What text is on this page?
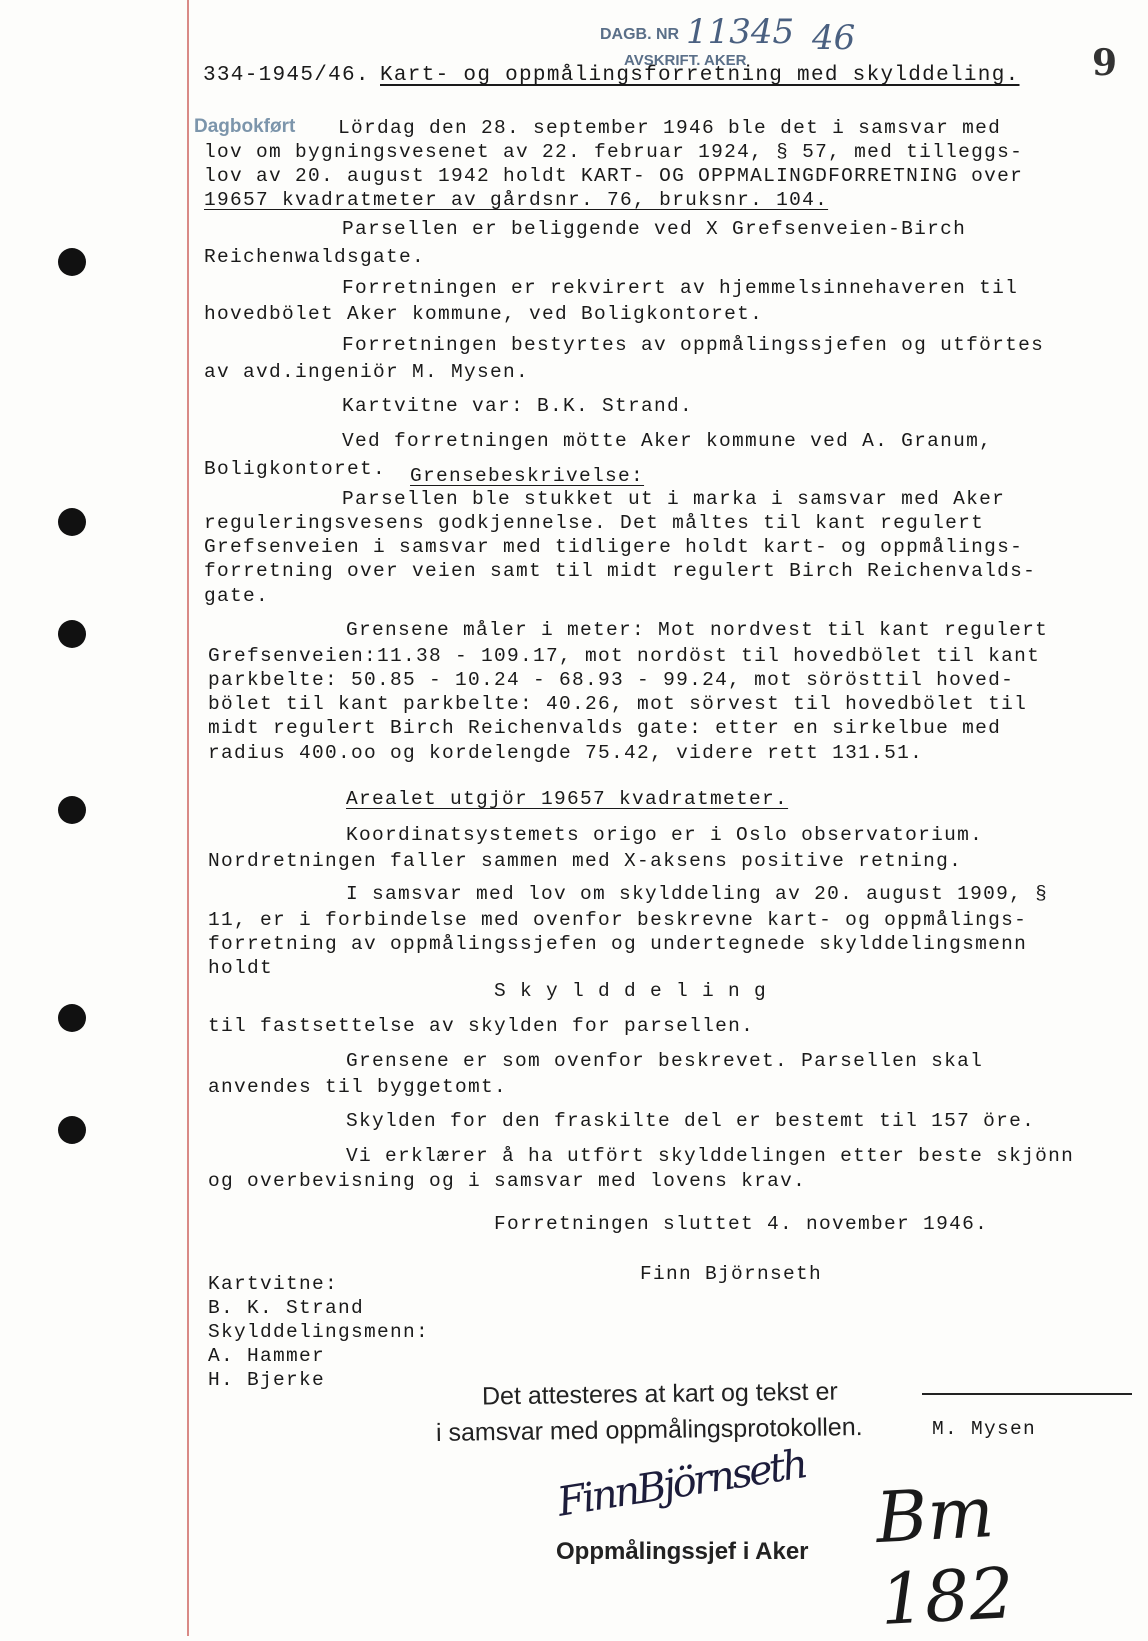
DAGB. NR 11345 46
AVSKRIFT. AKER
Dagbokført
9
334-1945/46. Kart- og oppmålingsforretning med skylddeling.
Lördag den 28. september 1946 ble det i samsvar med
lov om bygningsvesenet av 22. februar 1924, § 57, med tilleggs-
lov av 20. august 1942 holdt KART- OG OPPMALINGDFORRETNING over
19657 kvadratmeter av gårdsnr. 76, bruksnr. 104.
Parsellen er beliggende ved X Grefsenveien-Birch
Reichenwaldsgate.
Forretningen er rekvirert av hjemmelsinnehaveren til
hovedbölet Aker kommune, ved Boligkontoret.
Forretningen bestyrtes av oppmålingssjefen og utförtes
av avd.ingeniör M. Mysen.
Kartvitne var: B.K. Strand.
Ved forretningen mötte Aker kommune ved A. Granum,
Boligkontoret. Grensebeskrivelse:
Parsellen ble stukket ut i marka i samsvar med Aker
reguleringsvesens godkjennelse. Det måltes til kant regulert
Grefsenveien i samsvar med tidligere holdt kart- og oppmålings-
forretning over veien samt til midt regulert Birch Reichenvalds-
gate.
Grensene måler i meter: Mot nordvest til kant regulert
Grefsenveien:11.38 - 109.17, mot nordöst til hovedbölet til kant
parkbelte: 50.85 - 10.24 - 68.93 - 99.24, mot sörösttil hoved-
bölet til kant parkbelte: 40.26, mot sörvest til hovedbölet til
midt regulert Birch Reichenvalds gate: etter en sirkelbue med
radius 400.oo og kordelengde 75.42, videre rett 131.51.
Arealet utgjör 19657 kvadratmeter.
Koordinatsystemets origo er i Oslo observatorium.
Nordretningen faller sammen med X-aksens positive retning.
I samsvar med lov om skylddeling av 20. august 1909, §
11, er i forbindelse med ovenfor beskrevne kart- og oppmålings-
forretning av oppmålingssjefen og undertegnede skylddelingsmenn
holdt
S k y l d d e l i n g
til fastsettelse av skylden for parsellen.
Grensene er som ovenfor beskrevet. Parsellen skal
anvendes til byggetomt.
Skylden for den fraskilte del er bestemt til 157 öre.
Vi erklærer å ha utfört skylddelingen etter beste skjönn
og overbevisning og i samsvar med lovens krav.
Forretningen sluttet 4. november 1946.
Finn Björnseth
Kartvitne:
B. K. Strand
Skylddelingsmenn:
A. Hammer
H. Bjerke	Det attesteres at kart og tekst er
i samsvar med oppmålingsprotokollen.	M. Mysen
FinnBjörnseth
Oppmålingssjef i Aker Bm 182
